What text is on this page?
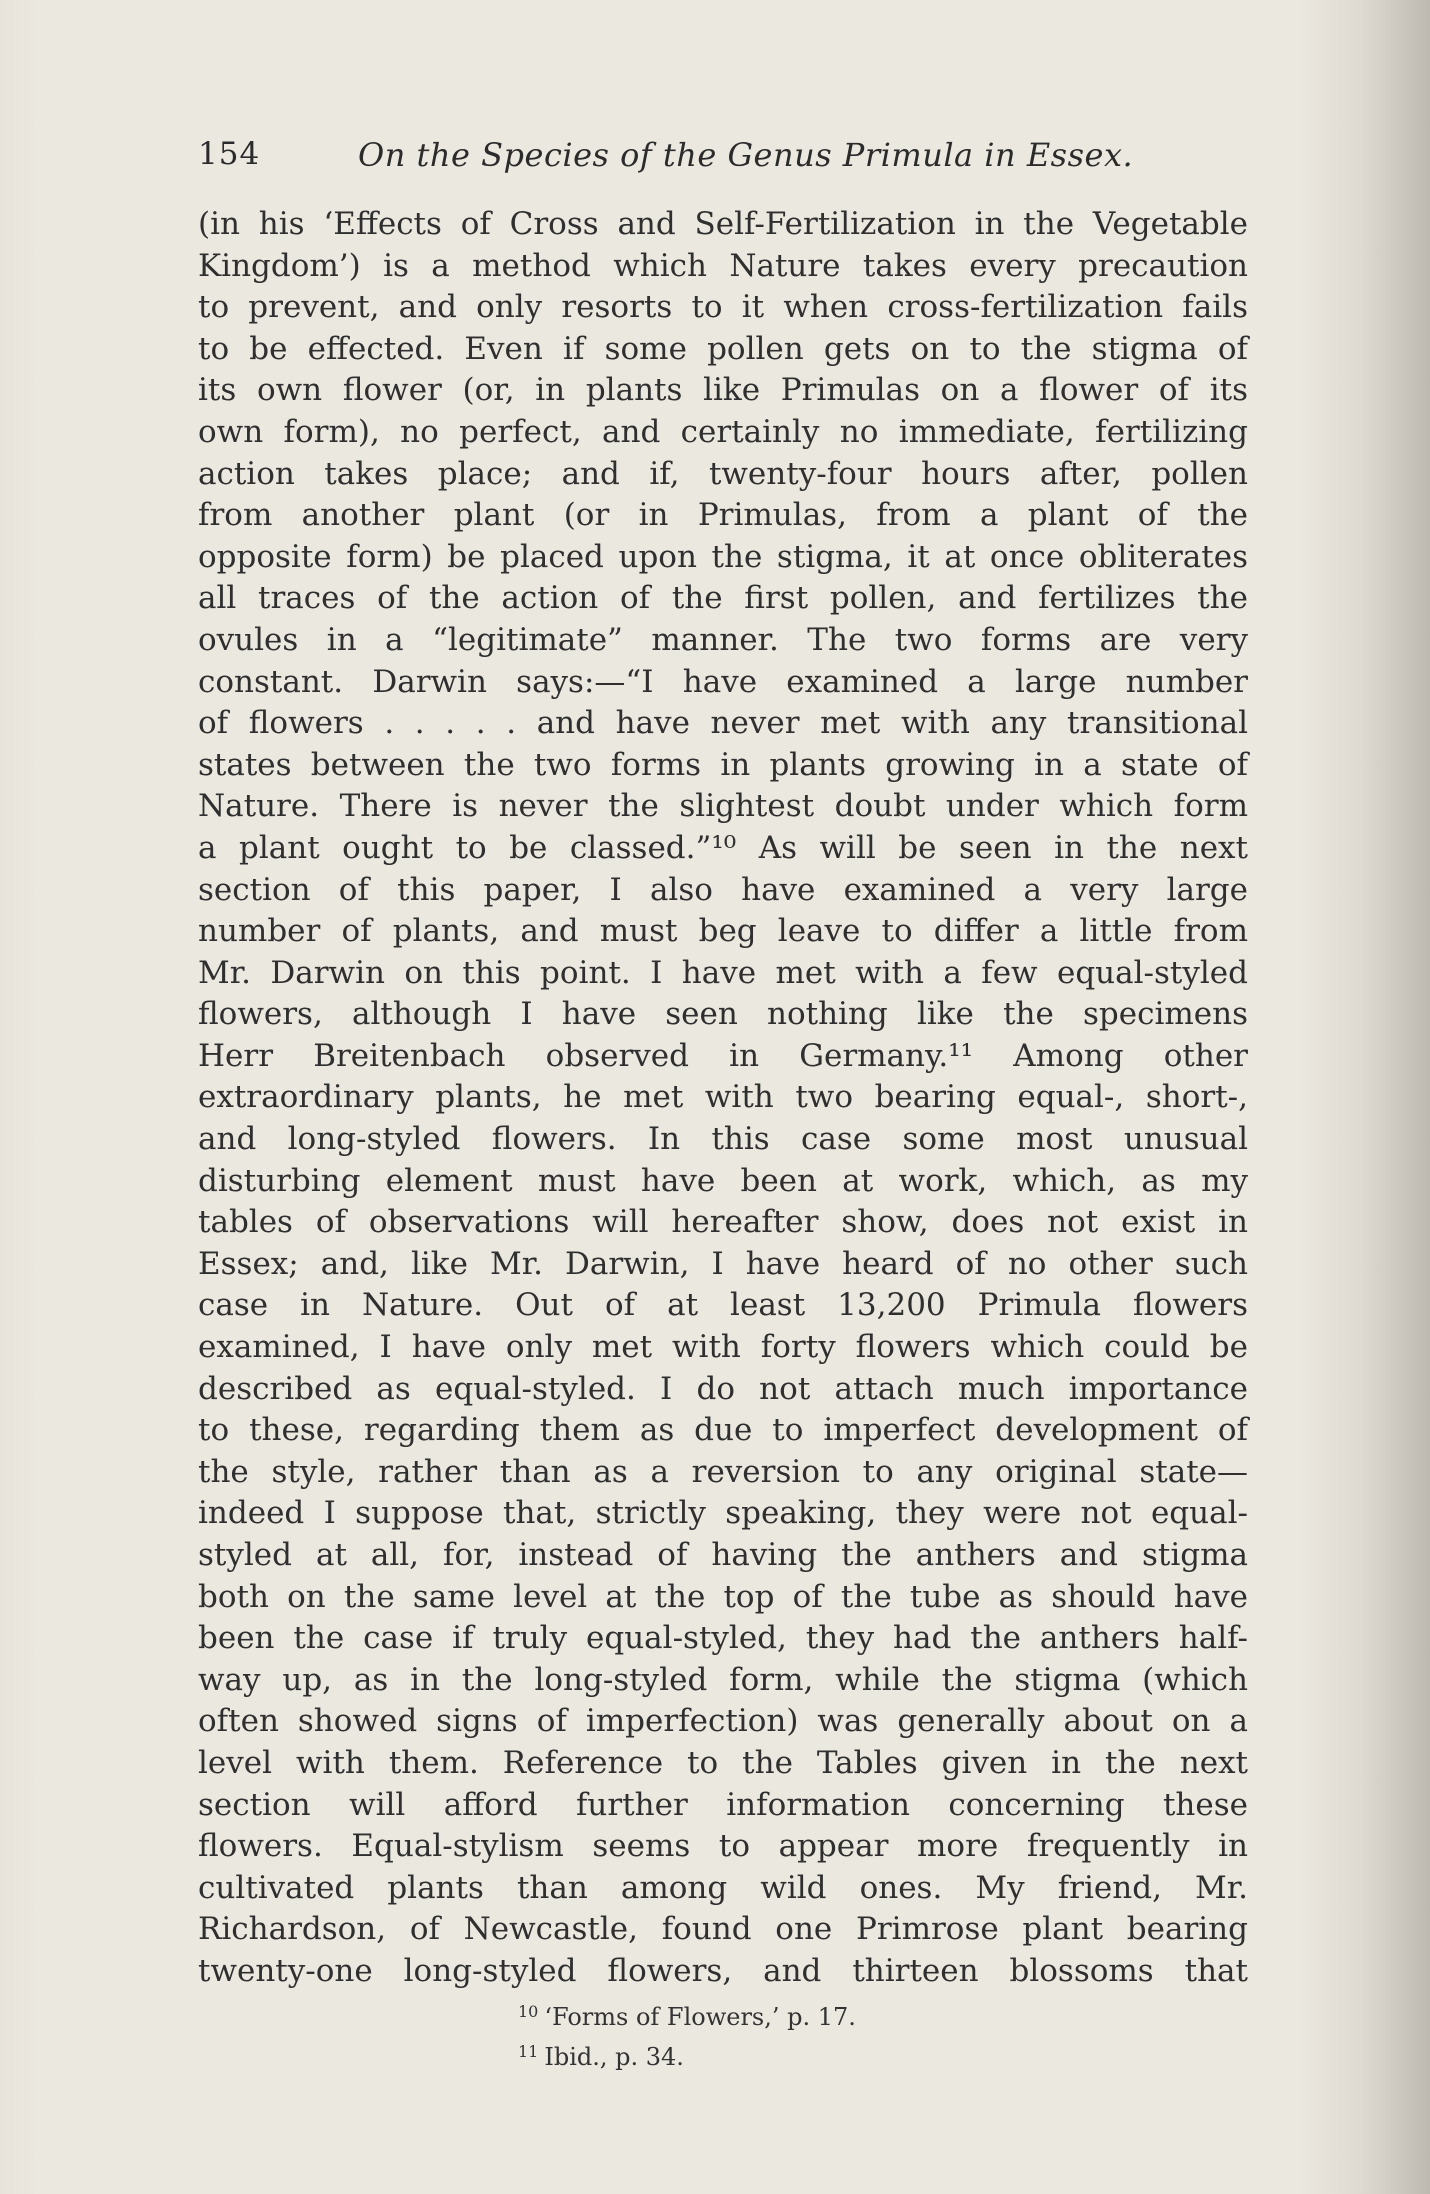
154	On the Species of the Genus Primula in Essex.
(in his ‘Effects of Cross and Self-Fertilization in the Vegetable
Kingdom’) is a method which Nature takes every precaution
to prevent, and only resorts to it when cross-fertilization fails
to be effected. Even if some pollen gets on to the stigma of
its own flower (or, in plants like Primulas on a flower of its
own form), no perfect, and certainly no immediate, fertilizing
action takes place; and if, twenty-four hours after, pollen
from another plant (or in Primulas, from a plant of the
opposite form) be placed upon the stigma, it at once obliterates
all traces of the action of the first pollen, and fertilizes the
ovules in a “legitimate” manner. The two forms are very
constant. Darwin says:—“I have examined a large number
of flowers . . . . . and have never met with any transitional
states between the two forms in plants growing in a state of
Nature. There is never the slightest doubt under which form
a plant ought to be classed.”¹⁰ As will be seen in the next
section of this paper, I also have examined a very large
number of plants, and must beg leave to differ a little from
Mr. Darwin on this point. I have met with a few equal-styled
flowers, although I have seen nothing like the specimens
Herr Breitenbach observed in Germany.¹¹ Among other
extraordinary plants, he met with two bearing equal-, short-,
and long-styled flowers. In this case some most unusual
disturbing element must have been at work, which, as my
tables of observations will hereafter show, does not exist in
Essex; and, like Mr. Darwin, I have heard of no other such
case in Nature. Out of at least 13,200 Primula flowers
examined, I have only met with forty flowers which could be
described as equal-styled. I do not attach much importance
to these, regarding them as due to imperfect development of
the style, rather than as a reversion to any original state—
indeed I suppose that, strictly speaking, they were not equal-
styled at all, for, instead of having the anthers and stigma
both on the same level at the top of the tube as should have
been the case if truly equal-styled, they had the anthers half-
way up, as in the long-styled form, while the stigma (which
often showed signs of imperfection) was generally about on a
level with them. Reference to the Tables given in the next
section will afford further information concerning these
flowers. Equal-stylism seems to appear more frequently in
cultivated plants than among wild ones. My friend, Mr.
Richardson, of Newcastle, found one Primrose plant bearing
twenty-one long-styled flowers, and thirteen blossoms that
$^{10}$ ‘Forms of Flowers,’ p. 17.
$^{11}$ Ibid., p. 34.
